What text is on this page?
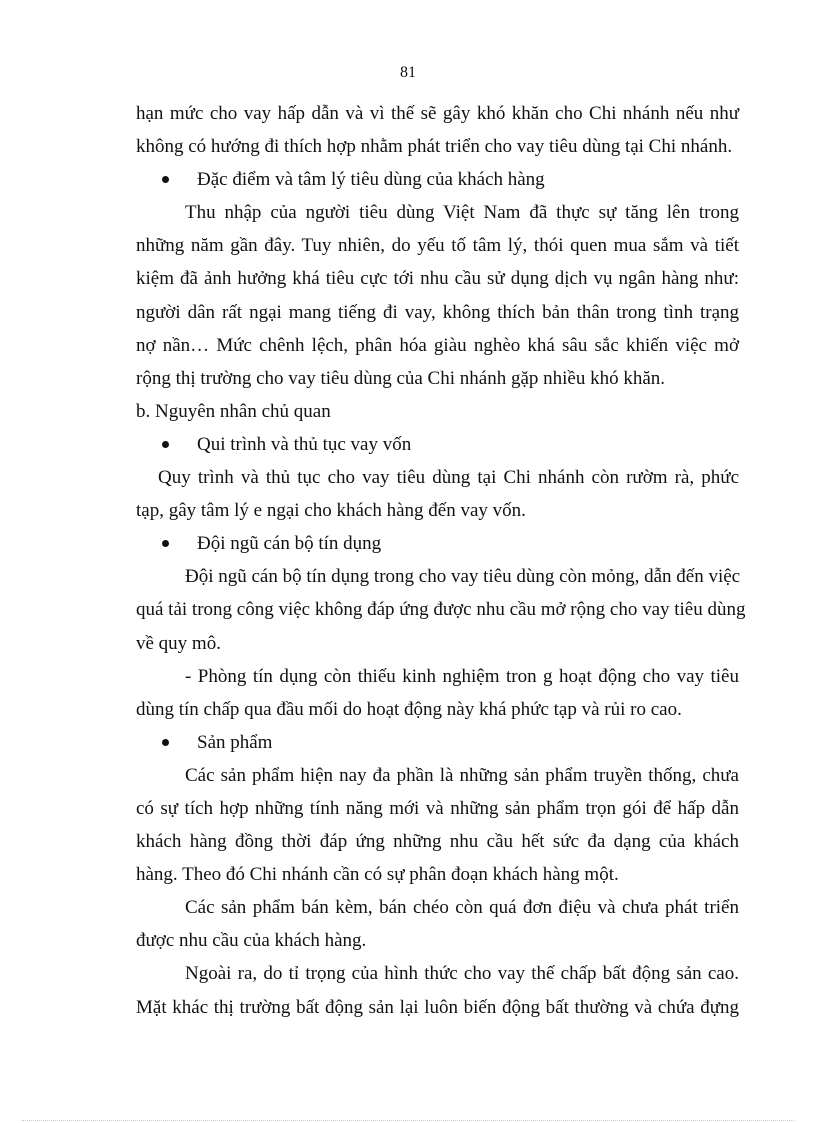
81
hạn mức cho vay hấp dẫn và vì thế sẽ gây khó khăn cho Chi nhánh nếu như
không có hướng đi thích hợp nhằm phát triển cho vay tiêu dùng tại Chi nhánh.
Đặc điểm và tâm lý tiêu dùng của khách hàng
Thu nhập của người tiêu dùng Việt Nam đã thực sự tăng lên trong
những năm gần đây. Tuy nhiên, do yếu tố tâm lý, thói quen mua sắm và tiết
kiệm đã ảnh hưởng khá tiêu cực tới nhu cầu sử dụng dịch vụ ngân hàng như:
người dân rất ngại mang tiếng đi vay, không thích bản thân trong tình trạng
nợ nần… Mức chênh lệch, phân hóa giàu nghèo khá sâu sắc khiến việc mở
rộng thị trường cho vay tiêu dùng của Chi nhánh gặp nhiều khó khăn.
b. Nguyên nhân chủ quan
Qui trình và thủ tục vay vốn
Quy trình và thủ tục cho vay tiêu dùng tại Chi nhánh còn rườm rà, phức
tạp, gây tâm lý e ngại cho khách hàng đến vay vốn.
Đội ngũ cán bộ tín dụng
Đội ngũ cán bộ tín dụng trong cho vay tiêu dùng còn mỏng, dẫn đến việc
quá tải trong công việc không đáp ứng được nhu cầu mở rộng cho vay tiêu dùng
về quy mô.
- Phòng tín dụng còn thiếu kinh nghiệm tron g hoạt động cho vay tiêu
dùng tín chấp qua đầu mối do hoạt động này khá phức tạp và rủi ro cao.
Sản phẩm
Các sản phẩm hiện nay đa phần là những sản phẩm truyền thống, chưa
có sự tích hợp những tính năng mới và những sản phẩm trọn gói để hấp dẫn
khách hàng đồng thời đáp ứng những nhu cầu hết sức đa dạng của khách
hàng. Theo đó Chi nhánh cần có sự phân đoạn khách hàng một.
Các sản phẩm bán kèm, bán chéo còn quá đơn điệu và chưa phát triển
được nhu cầu của khách hàng.
Ngoài ra, do tỉ trọng của hình thức cho vay thế chấp bất động sản cao.
Mặt khác thị trường bất động sản lại luôn biến động bất thường và chứa đựng
